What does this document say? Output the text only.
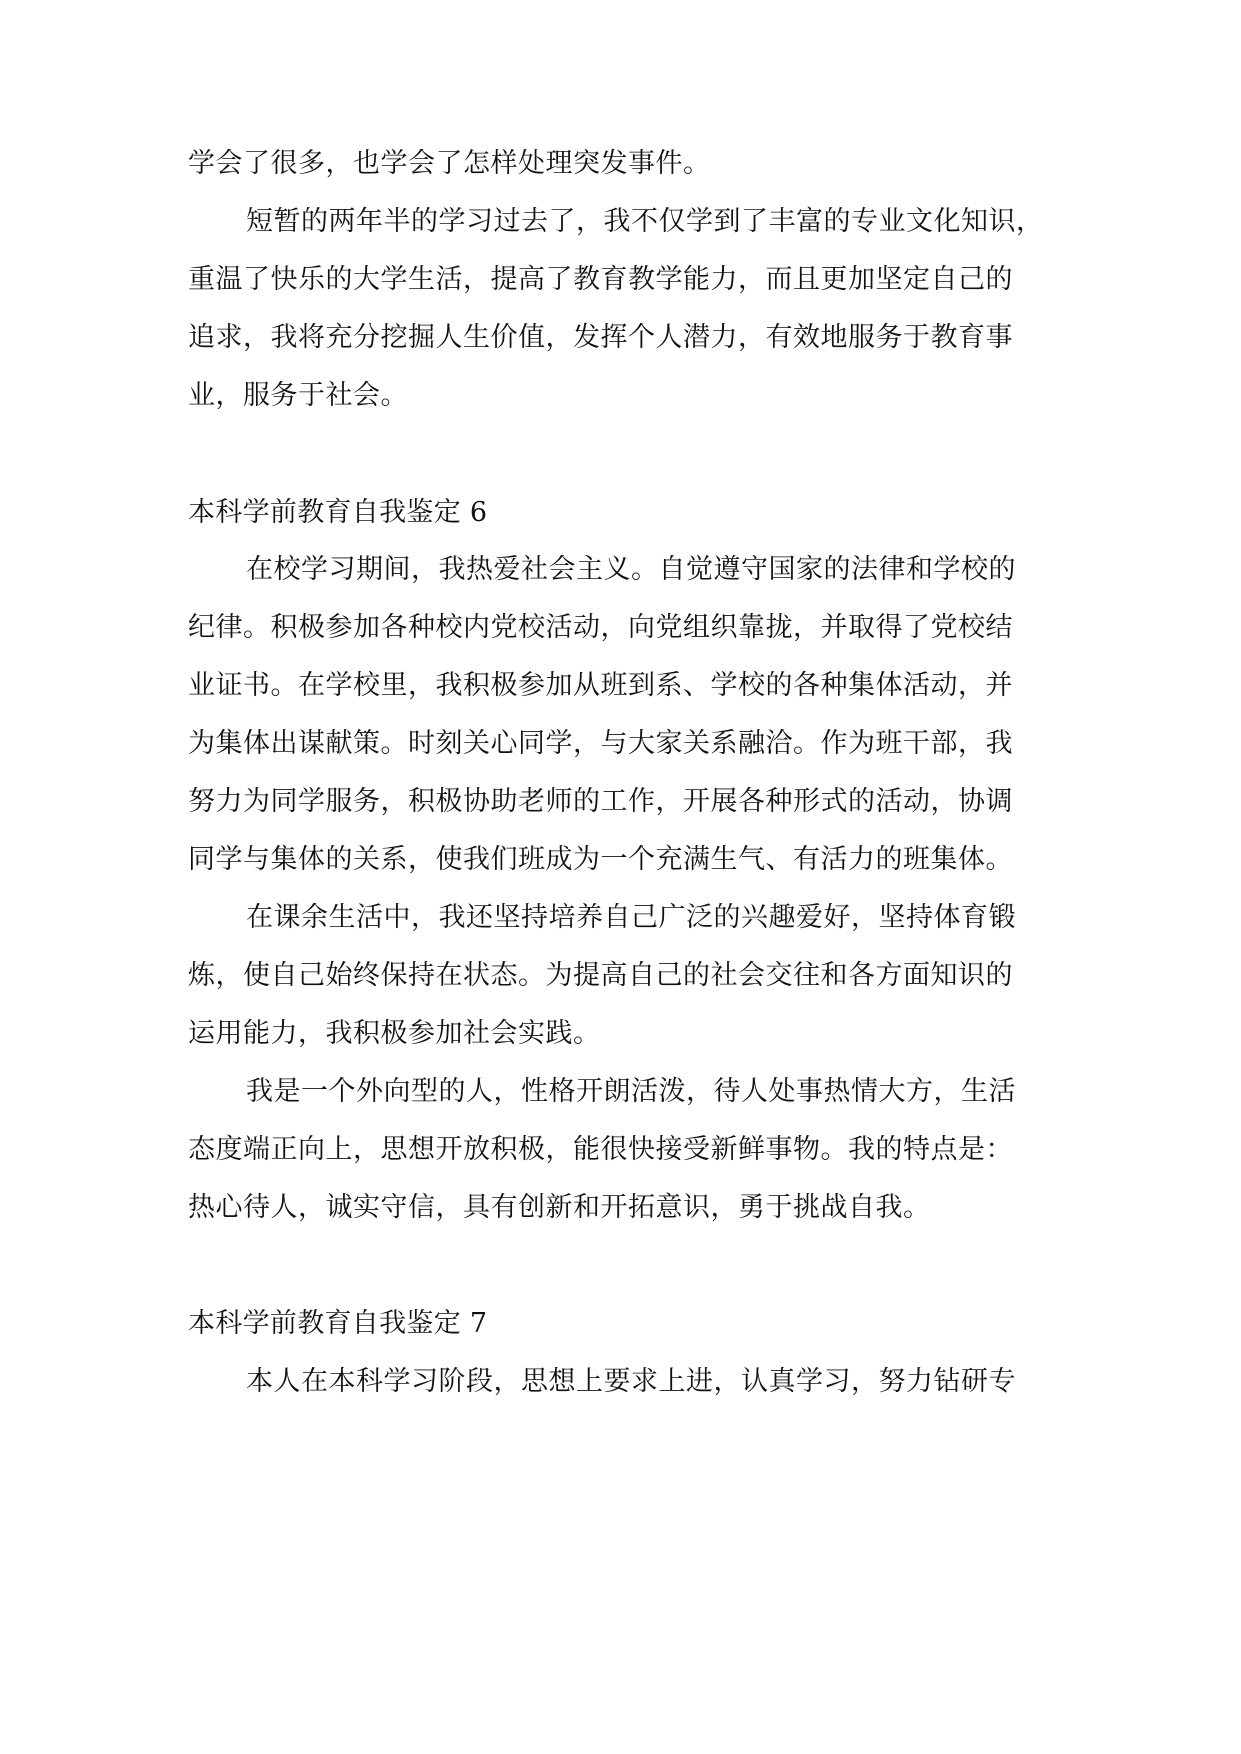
学会了很多，也学会了怎样处理突发事件。
短暂的两年半的学习过去了，我不仅学到了丰富的专业文化知识，
重温了快乐的大学生活，提高了教育教学能力，而且更加坚定自己的
追求，我将充分挖掘人生价值，发挥个人潜力，有效地服务于教育事
业，服务于社会。
本科学前教育自我鉴定 6
在校学习期间，我热爱社会主义。自觉遵守国家的法律和学校的
纪律。积极参加各种校内党校活动，向党组织靠拢，并取得了党校结
业证书。在学校里，我积极参加从班到系、学校的各种集体活动，并
为集体出谋献策。时刻关心同学，与大家关系融洽。作为班干部，我
努力为同学服务，积极协助老师的工作，开展各种形式的活动，协调
同学与集体的关系，使我们班成为一个充满生气、有活力的班集体。
在课余生活中，我还坚持培养自己广泛的兴趣爱好，坚持体育锻
炼，使自己始终保持在状态。为提高自己的社会交往和各方面知识的
运用能力，我积极参加社会实践。
我是一个外向型的人，性格开朗活泼，待人处事热情大方，生活
态度端正向上，思想开放积极，能很快接受新鲜事物。我的特点是：
热心待人，诚实守信，具有创新和开拓意识，勇于挑战自我。
本科学前教育自我鉴定 7
本人在本科学习阶段，思想上要求上进，认真学习，努力钻研专
